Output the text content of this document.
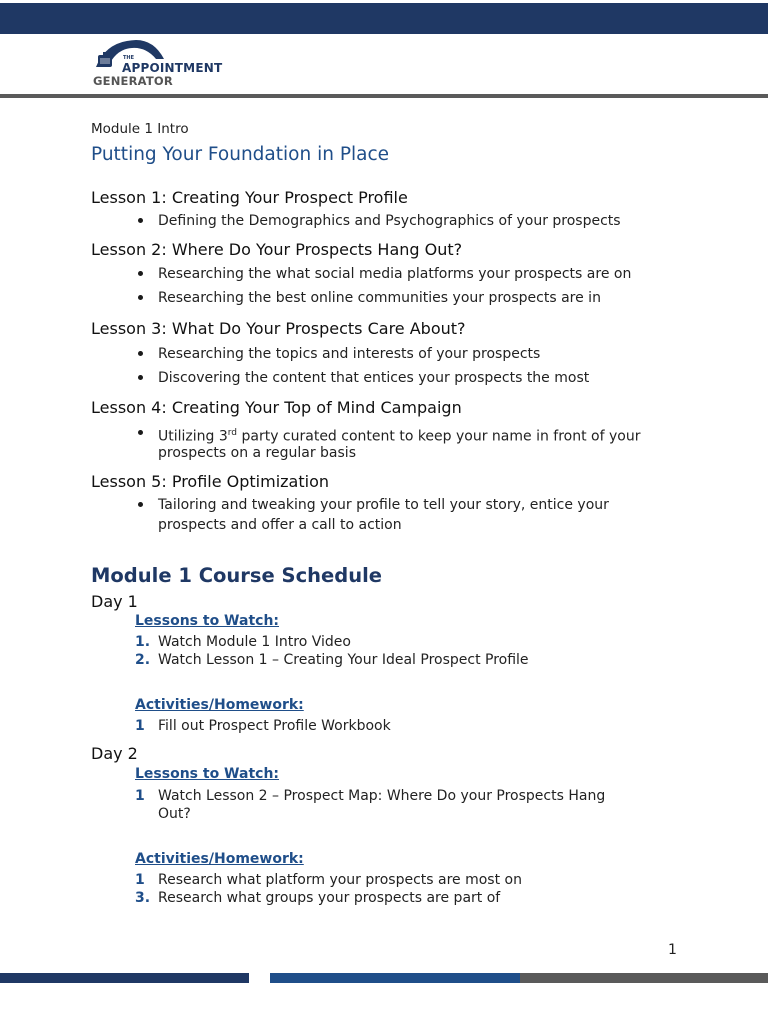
THE
APPOINTMENT
GENERATOR
Module 1 Intro
Putting Your Foundation in Place
Lesson 1: Creating Your Prospect Profile
Defining the Demographics and Psychographics of your prospects
Lesson 2: Where Do Your Prospects Hang Out?
Researching the what social media platforms your prospects are on
Researching the best online communities your prospects are in
Lesson 3: What Do Your Prospects Care About?
Researching the topics and interests of your prospects
Discovering the content that entices your prospects the most
Lesson 4: Creating Your Top of Mind Campaign
Utilizing 3rd party curated content to keep your name in front of your
prospects on a regular basis
Lesson 5: Profile Optimization
Tailoring and tweaking your profile to tell your story, entice your
prospects and offer a call to action
Module 1 Course Schedule
Day 1
Lessons to Watch:
1. Watch Module 1 Intro Video
2. Watch Lesson 1 – Creating Your Ideal Prospect Profile
Activities/Homework:
1 Fill out Prospect Profile Workbook
Day 2
Lessons to Watch:
1 Watch Lesson 2 – Prospect Map: Where Do your Prospects Hang
Out?
Activities/Homework:
1 Research what platform your prospects are most on
3. Research what groups your prospects are part of
1
